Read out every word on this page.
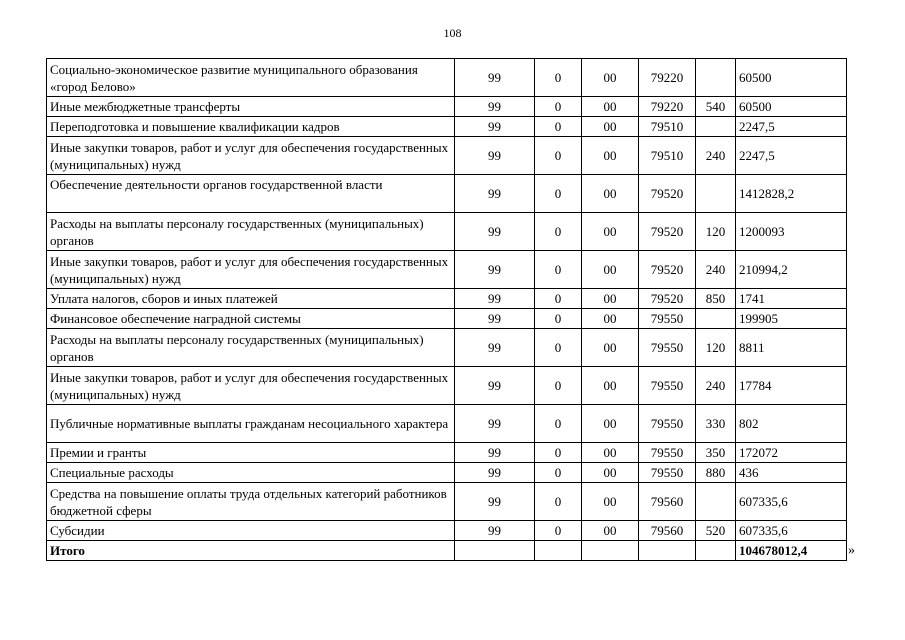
108
Социально-экономическое развитие муниципального образования «город Белово»	99	0	00	79220		60500
Иные межбюджетные трансферты	99	0	00	79220	540	60500
Переподготовка и повышение квалификации кадров	99	0	00	79510		2247,5
Иные закупки товаров, работ и услуг для обеспечения государственных (муниципальных) нужд	99	0	00	79510	240	2247,5
Обеспечение деятельности органов государственной власти	99	0	00	79520		1412828,2
Расходы на выплаты персоналу государственных (муниципальных) органов	99	0	00	79520	120	1200093
Иные закупки товаров, работ и услуг для обеспечения государственных (муниципальных) нужд	99	0	00	79520	240	210994,2
Уплата налогов, сборов и иных платежей	99	0	00	79520	850	1741
Финансовое обеспечение наградной системы	99	0	00	79550		199905
Расходы на выплаты персоналу государственных (муниципальных) органов	99	0	00	79550	120	8811
Иные закупки товаров, работ и услуг для обеспечения государственных (муниципальных) нужд	99	0	00	79550	240	17784
Публичные нормативные выплаты гражданам несоциального характера	99	0	00	79550	330	802
Премии и гранты	99	0	00	79550	350	172072
Специальные расходы	99	0	00	79550	880	436
Средства на повышение оплаты труда отдельных категорий работников бюджетной сферы	99	0	00	79560		607335,6
Субсидии	99	0	00	79560	520	607335,6
Итого						104678012,4	»
